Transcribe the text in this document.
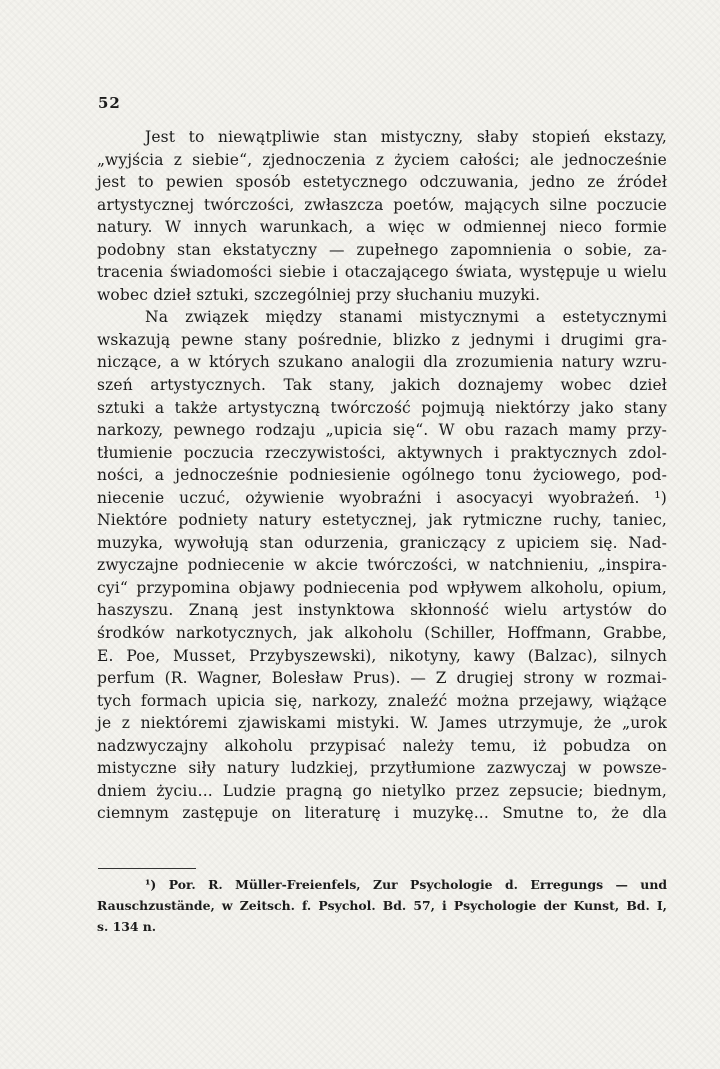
52

Jest to niewątpliwie stan mistyczny, słaby stopień ekstazy,
„wyjścia z siebie“, zjednoczenia z życiem całości; ale jednocześnie
jest to pewien sposób estetycznego odczuwania, jedno ze źródeł
artystycznej twórczości, zwłaszcza poetów, mających silne poczucie
natury. W innych warunkach, a więc w odmiennej nieco formie
podobny stan ekstatyczny — zupełnego zapomnienia o sobie, za-
tracenia świadomości siebie i otaczającego świata, występuje u wielu
wobec dzieł sztuki, szczególniej przy słuchaniu muzyki.
Na związek między stanami mistycznymi a estetycznymi
wskazują pewne stany pośrednie, blizko z jednymi i drugimi gra-
niczące, a w których szukano analogii dla zrozumienia natury wzru-
szeń artystycznych. Tak stany, jakich doznajemy wobec dzieł
sztuki a także artystyczną twórczość pojmują niektórzy jako stany
narkozy, pewnego rodzaju „upicia się“. W obu razach mamy przy-
tłumienie poczucia rzeczywistości, aktywnych i praktycznych zdol-
ności, a jednocześnie podniesienie ogólnego tonu życiowego, pod-
niecenie uczuć, ożywienie wyobraźni i asocyacyi wyobrażeń. ¹)
Niektóre podniety natury estetycznej, jak rytmiczne ruchy, taniec,
muzyka, wywołują stan odurzenia, graniczący z upiciem się. Nad-
zwyczajne podniecenie w akcie twórczości, w natchnieniu, „inspira-
cyi“ przypomina objawy podniecenia pod wpływem alkoholu, opium,
haszyszu. Znaną jest instynktowa skłonność wielu artystów do
środków narkotycznych, jak alkoholu (Schiller, Hoffmann, Grabbe,
E. Poe, Musset, Przybyszewski), nikotyny, kawy (Balzac), silnych
perfum (R. Wagner, Bolesław Prus). — Z drugiej strony w rozmai-
tych formach upicia się, narkozy, znaleźć można przejawy, wiążące
je z niektóremi zjawiskami mistyki. W. James utrzymuje, że „urok
nadzwyczajny alkoholu przypisać należy temu, iż pobudza on
mistyczne siły natury ludzkiej, przytłumione zazwyczaj w powsze-
dniem życiu... Ludzie pragną go nietylko przez zepsucie; biednym,
ciemnym zastępuje on literaturę i muzykę... Smutne to, że dla
¹) Por. R. Müller-Freienfels, Zur Psychologie d. Erregungs — und
Rauschzustände, w Zeitsch. f. Psychol. Bd. 57, i Psychologie der Kunst, Bd. I,
s. 134 n.
